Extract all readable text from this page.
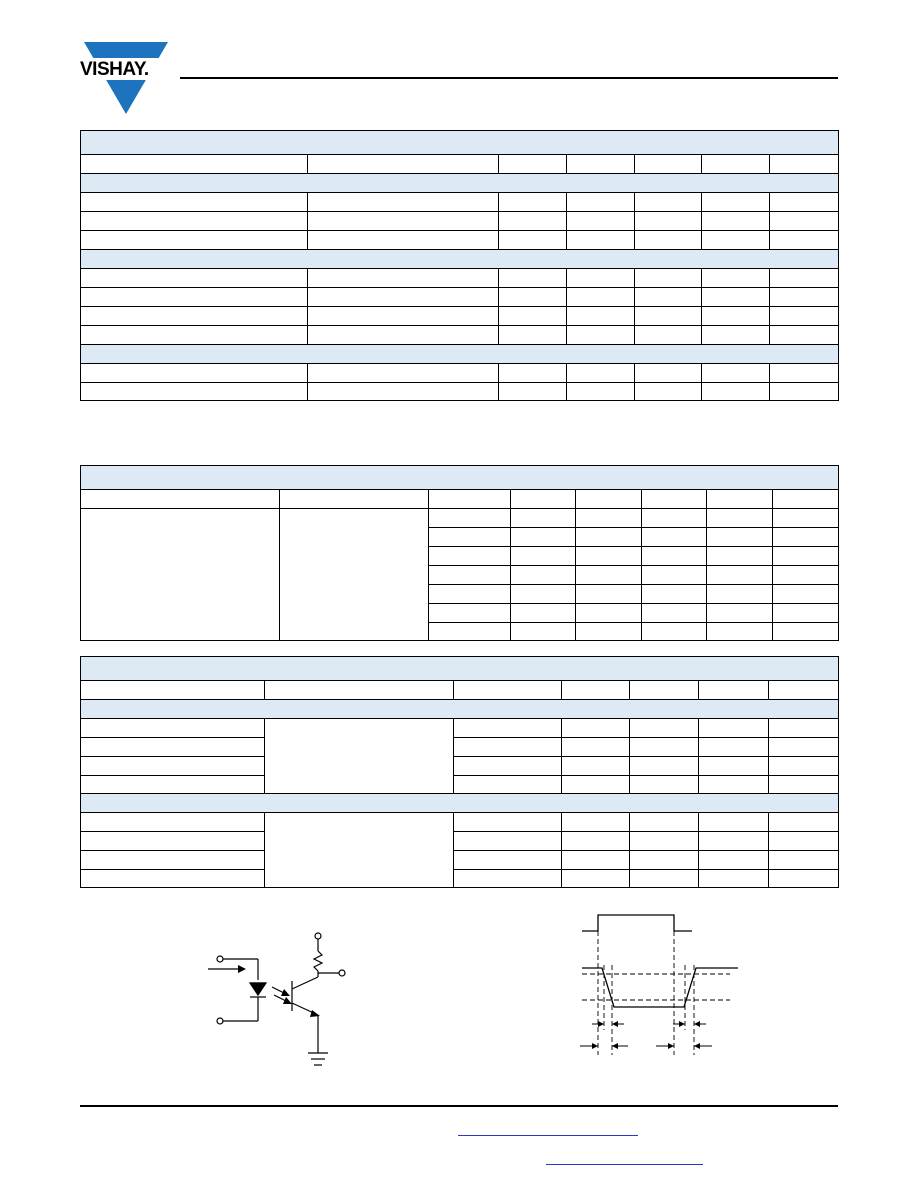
VISHAY.
